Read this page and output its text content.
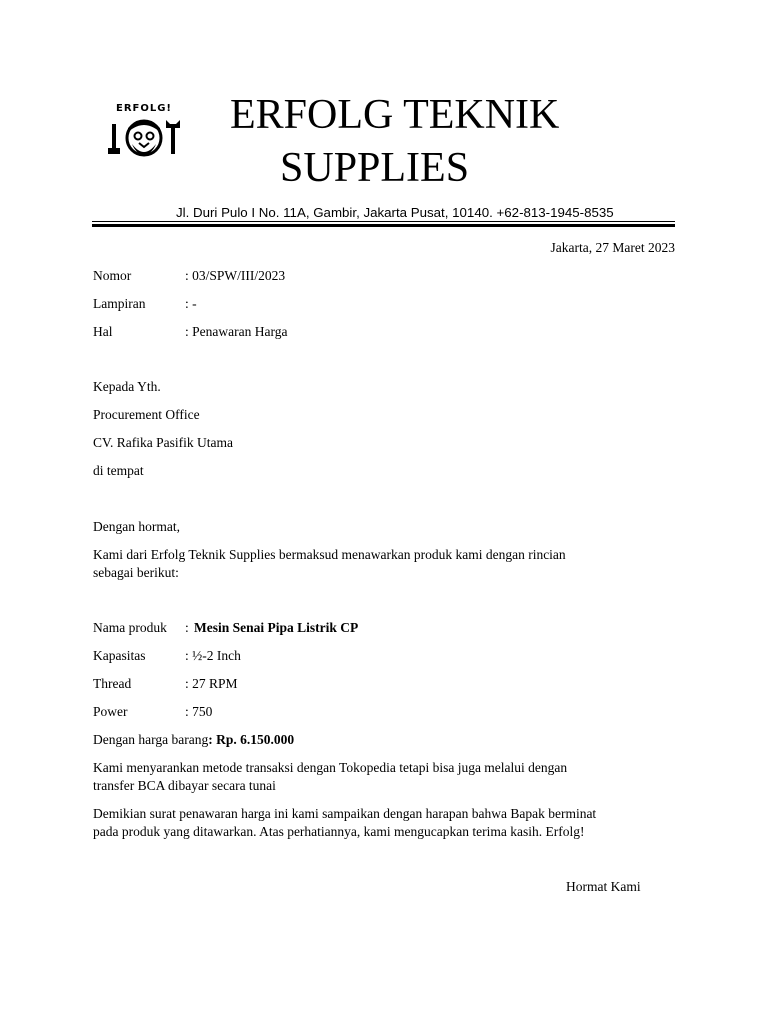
ERFOLG! ERFOLG TEKNIK
SUPPLIES
Jl. Duri Pulo I No. 11A, Gambir, Jakarta Pusat, 10140. +62-813-1945-8535
Jakarta, 27 Maret 2023
Nomor	: 03/SPW/III/2023
Lampiran	: -
Hal	: Penawaran Harga
Kepada Yth.
Procurement Office
CV. Rafika Pasifik Utama
di tempat
Dengan hormat,
Kami dari Erfolg Teknik Supplies bermaksud menawarkan produk kami dengan rincian
sebagai berikut:
Nama produk : Mesin Senai Pipa Listrik CP
Kapasitas	: ½-2 Inch
Thread	: 27 RPM
Power	: 750
Dengan harga barang: Rp. 6.150.000
Kami menyarankan metode transaksi dengan Tokopedia tetapi bisa juga melalui dengan
transfer BCA dibayar secara tunai
Demikian surat penawaran harga ini kami sampaikan dengan harapan bahwa Bapak berminat
pada produk yang ditawarkan. Atas perhatiannya, kami mengucapkan terima kasih. Erfolg!
Hormat Kami
